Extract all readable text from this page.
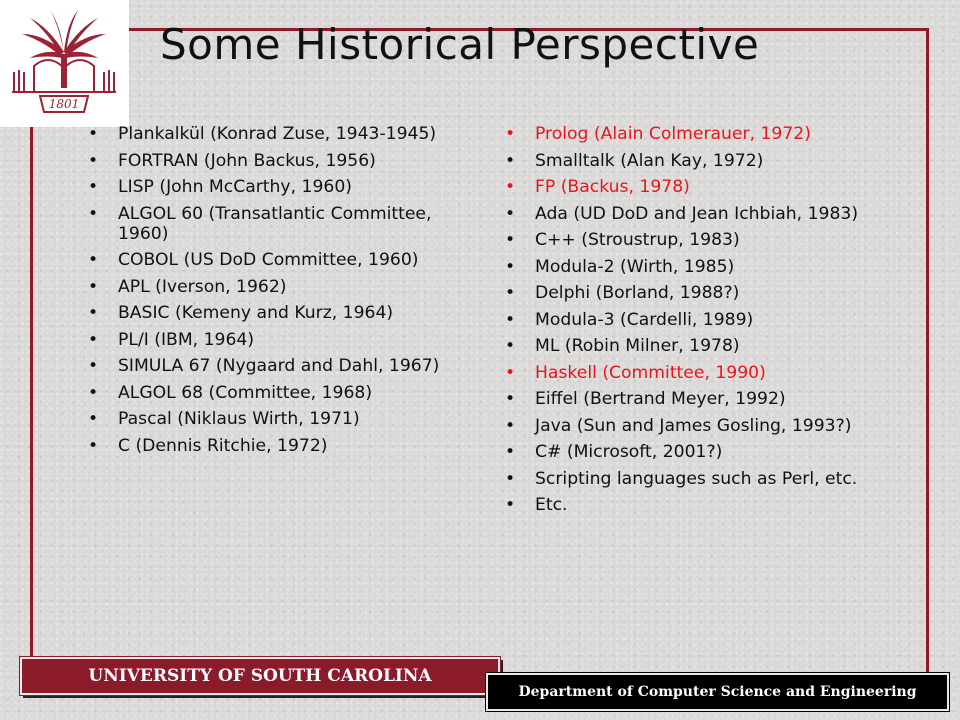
1801
Some Historical Perspective
• Plankalkül (Konrad Zuse, 1943-1945)
• FORTRAN (John Backus, 1956)
• LISP (John McCarthy, 1960)
• ALGOL 60 (Transatlantic Committee, 1960)
• COBOL (US DoD Committee, 1960)
• APL (Iverson, 1962)
• BASIC (Kemeny and Kurz, 1964)
• PL/I (IBM, 1964)
• SIMULA 67 (Nygaard and Dahl, 1967)
• ALGOL 68 (Committee, 1968)
• Pascal (Niklaus Wirth, 1971)
• C (Dennis Ritchie, 1972)
• Prolog (Alain Colmerauer, 1972)
• Smalltalk (Alan Kay, 1972)
• FP (Backus, 1978)
• Ada (UD DoD and Jean Ichbiah, 1983)
• C++ (Stroustrup, 1983)
• Modula-2 (Wirth, 1985)
• Delphi (Borland, 1988?)
• Modula-3 (Cardelli, 1989)
• ML (Robin Milner, 1978)
• Haskell (Committee, 1990)
• Eiffel (Bertrand Meyer, 1992)
• Java (Sun and James Gosling, 1993?)
• C# (Microsoft, 2001?)
• Scripting languages such as Perl, etc.
• Etc.
UNIVERSITY OF SOUTH CAROLINA
Department of Computer Science and Engineering
